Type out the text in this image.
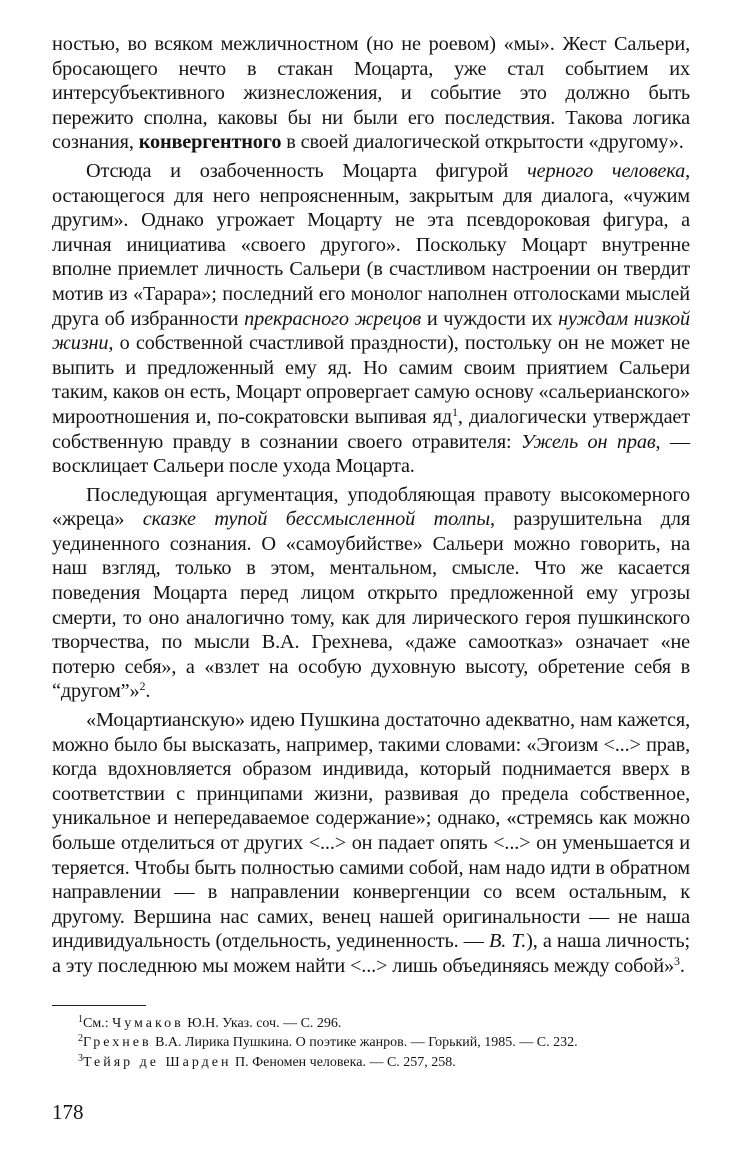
ностью, во всяком межличностном (но не роевом) «мы». Жест Сальери, бросающего нечто в стакан Моцарта, уже стал событием их интерсубъективного жизнесложения, и событие это должно быть пережито сполна, каковы бы ни были его последствия. Такова логика сознания, конвергентного в своей диалогической открытости «другому».

Отсюда и озабоченность Моцарта фигурой черного человека, остающегося для него непроясненным, закрытым для диалога, «чужим другим». Однако угрожает Моцарту не эта псевдороковая фигура, а личная инициатива «своего другого». Поскольку Моцарт внутренне вполне приемлет личность Сальери (в счастливом настроении он твердит мотив из «Тарара»; последний его монолог наполнен отголосками мыслей друга об избранности прекрасного жрецов и чуждости их нуждам низкой жизни, о собственной счастливой праздности), постольку он не может не выпить и предложенный ему яд. Но самим своим приятием Сальери таким, каков он есть, Моцарт опровергает самую основу «сальерианского» мироотношения и, по-сократовски выпивая $яд^1$, диалогически утверждает собственную правду в сознании своего отравителя: Ужель он прав, — восклицает Сальери после ухода Моцарта.

Последующая аргументация, уподобляющая правоту высокомерного «жреца» сказке тупой бессмысленной толпы, разрушительна для уединенного сознания. О «самоубийстве» Сальери можно говорить, на наш взгляд, только в этом, ментальном, смысле. Что же касается поведения Моцарта перед лицом открыто предложенной ему угрозы смерти, то оно аналогично тому, как для лирического героя пушкинского творчества, по мысли В.А. Грехнева, «даже самоотказ» означает «не потерю себя», а «взлет на особую духовную высоту, обретение себя в “другом”»$^2$.

«Моцартианскую» идею Пушкина достаточно адекватно, нам кажется, можно было бы высказать, например, такими словами: «Эгоизм <...> прав, когда вдохновляется образом индивида, который поднимается вверх в соответствии с принципами жизни, развивая до предела собственное, уникальное и непередаваемое содержание»; однако, «стремясь как можно больше отделиться от других <...> он падает опять <...> он уменьшается и теряется. Чтобы быть полностью самими собой, нам надо идти в обратном направлении — в направлении конвергенции со всем остальным, к другому. Вершина нас самих, венец нашей оригинальности — не наша индивидуальность (отдельность, уединенность. — В. Т.), а наша личность; а эту последнюю мы можем найти <...> лишь объединяясь между собой»$^3$.

$^1$См.: Чумаков Ю.Н. Указ. соч. — С. 296.
$^2$Грехнев В.А. Лирика Пушкина. О поэтике жанров. — Горький, 1985. — С. 232.
$^3$Тейяр де Шарден П. Феномен человека. — С. 257, 258.
178
